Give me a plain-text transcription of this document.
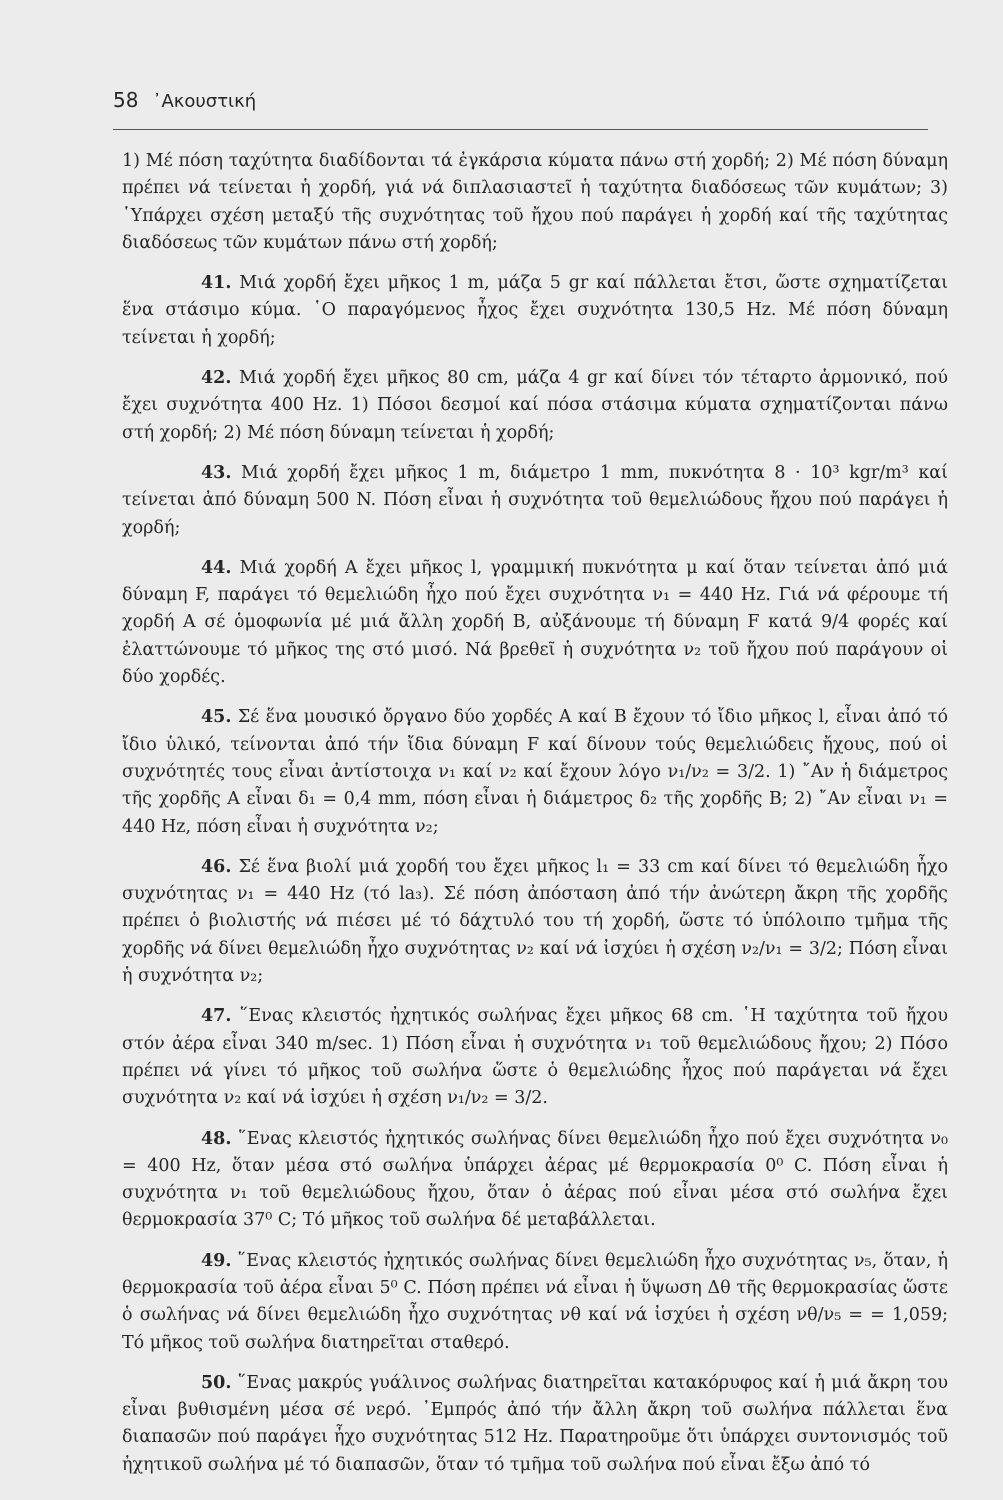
58 ᾿Ακουστική

1) Μέ πόση ταχύτητα διαδίδονται τά ἐγκάρσια κύματα πάνω στή χορδή; 2) Μέ πόση δύναμη πρέπει νά τείνεται ἡ χορδή, γιά νά διπλασιαστεῖ ἡ ταχύτητα διαδόσεως τῶν κυμάτων; 3) ῾Υπάρχει σχέση μεταξύ τῆς συχνότητας τοῦ ἤχου πού παράγει ἡ χορδή καί τῆς ταχύτητας διαδόσεως τῶν κυμάτων πάνω στή χορδή;

41. Μιά χορδή ἔχει μῆκος 1 m, μάζα 5 gr καί πάλλεται ἔτσι, ὥστε σχηματίζεται ἕνα στάσιμο κύμα. ῾Ο παραγόμενος ἦχος ἔχει συχνότητα 130,5 Hz. Μέ πόση δύναμη τείνεται ἡ χορδή;

42. Μιά χορδή ἔχει μῆκος 80 cm, μάζα 4 gr καί δίνει τόν τέταρτο ἁρμονικό, πού ἔχει συχνότητα 400 Hz. 1) Πόσοι δεσμοί καί πόσα στάσιμα κύματα σχηματίζονται πάνω στή χορδή; 2) Μέ πόση δύναμη τείνεται ἡ χορδή;

43. Μιά χορδή ἔχει μῆκος 1 m, διάμετρο 1 mm, πυκνότητα 8 · 10³ kgr/m³ καί τείνεται ἀπό δύναμη 500 N. Πόση εἶναι ἡ συχνότητα τοῦ θεμελιώδους ἤχου πού παράγει ἡ χορδή;

44. Μιά χορδή Α ἔχει μῆκος l, γραμμική πυκνότητα μ καί ὅταν τείνεται ἀπό μιά δύναμη F, παράγει τό θεμελιώδη ἦχο πού ἔχει συχνότητα ν₁ = 440 Hz. Γιά νά φέρουμε τή χορδή Α σέ ὁμοφωνία μέ μιά ἄλλη χορδή Β, αὐξάνουμε τή δύναμη F κατά 9/4 φορές καί ἐλαττώνουμε τό μῆκος της στό μισό. Νά βρεθεῖ ἡ συχνότητα ν₂ τοῦ ἤχου πού παράγουν οἱ δύο χορδές.

45. Σέ ἕνα μουσικό ὄργανο δύο χορδές Α καί Β ἔχουν τό ἴδιο μῆκος l, εἶναι ἀπό τό ἴδιο ὑλικό, τείνονται ἀπό τήν ἴδια δύναμη F καί δίνουν τούς θεμελιώδεις ἤχους, πού οἱ συχνότητές τους εἶναι ἀντίστοιχα ν₁ καί ν₂ καί ἔχουν λόγο ν₁/ν₂ = 3/2. 1) ῎Αν ἡ διάμετρος τῆς χορδῆς Α εἶναι δ₁ = 0,4 mm, πόση εἶναι ἡ διάμετρος δ₂ τῆς χορδῆς Β; 2) ῎Αν εἶναι ν₁ = 440 Hz, πόση εἶναι ἡ συχνότητα ν₂;

46. Σέ ἕνα βιολί μιά χορδή του ἔχει μῆκος l₁ = 33 cm καί δίνει τό θεμελιώδη ἦχο συχνότητας ν₁ = 440 Hz (τό la₃). Σέ πόση ἀπόσταση ἀπό τήν ἀνώτερη ἄκρη τῆς χορδῆς πρέπει ὁ βιολιστής νά πιέσει μέ τό δάχτυλό του τή χορδή, ὥστε τό ὑπόλοιπο τμῆμα τῆς χορδῆς νά δίνει θεμελιώδη ἦχο συχνότητας ν₂ καί νά ἰσχύει ἡ σχέση ν₂/ν₁ = 3/2; Πόση εἶναι ἡ συχνότητα ν₂;

47. ῞Ενας κλειστός ἠχητικός σωλήνας ἔχει μῆκος 68 cm. ῾Η ταχύτητα τοῦ ἤχου στόν ἀέρα εἶναι 340 m/sec. 1) Πόση εἶναι ἡ συχνότητα ν₁ τοῦ θεμελιώδους ἤχου; 2) Πόσο πρέπει νά γίνει τό μῆκος τοῦ σωλήνα ὥστε ὁ θεμελιώδης ἦχος πού παράγεται νά ἔχει συχνότητα ν₂ καί νά ἰσχύει ἡ σχέση ν₁/ν₂ = 3/2.

48. ῞Ενας κλειστός ἠχητικός σωλήνας δίνει θεμελιώδη ἦχο πού ἔχει συχνότητα ν₀ = 400 Hz, ὅταν μέσα στό σωλήνα ὑπάρχει ἀέρας μέ θερμοκρασία 0⁰ C. Πόση εἶναι ἡ συχνότητα ν₁ τοῦ θεμελιώδους ἤχου, ὅταν ὁ ἀέρας πού εἶναι μέσα στό σωλήνα ἔχει θερμοκρασία 37⁰ C; Τό μῆκος τοῦ σωλήνα δέ μεταβάλλεται.

49. ῞Ενας κλειστός ἠχητικός σωλήνας δίνει θεμελιώδη ἦχο συχνότητας ν₅, ὅταν, ἡ θερμοκρασία τοῦ ἀέρα εἶναι 5⁰ C. Πόση πρέπει νά εἶναι ἡ ὕψωση Δθ τῆς θερμοκρασίας ὥστε ὁ σωλήνας νά δίνει θεμελιώδη ἦχο συχνότητας νθ καί νά ἰσχύει ἡ σχέση νθ/ν₅ = = 1,059; Τό μῆκος τοῦ σωλήνα διατηρεῖται σταθερό.

50. ῞Ενας μακρύς γυάλινος σωλήνας διατηρεῖται κατακόρυφος καί ἡ μιά ἄκρη του εἶναι βυθισμένη μέσα σέ νερό. ᾿Εμπρός ἀπό τήν ἄλλη ἄκρη τοῦ σωλήνα πάλλεται ἕνα διαπασῶν πού παράγει ἦχο συχνότητας 512 Hz. Παρατηροῦμε ὅτι ὑπάρχει συντονισμός τοῦ ἠχητικοῦ σωλήνα μέ τό διαπασῶν, ὅταν τό τμῆμα τοῦ σωλήνα πού εἶναι ἔξω ἀπό τό
